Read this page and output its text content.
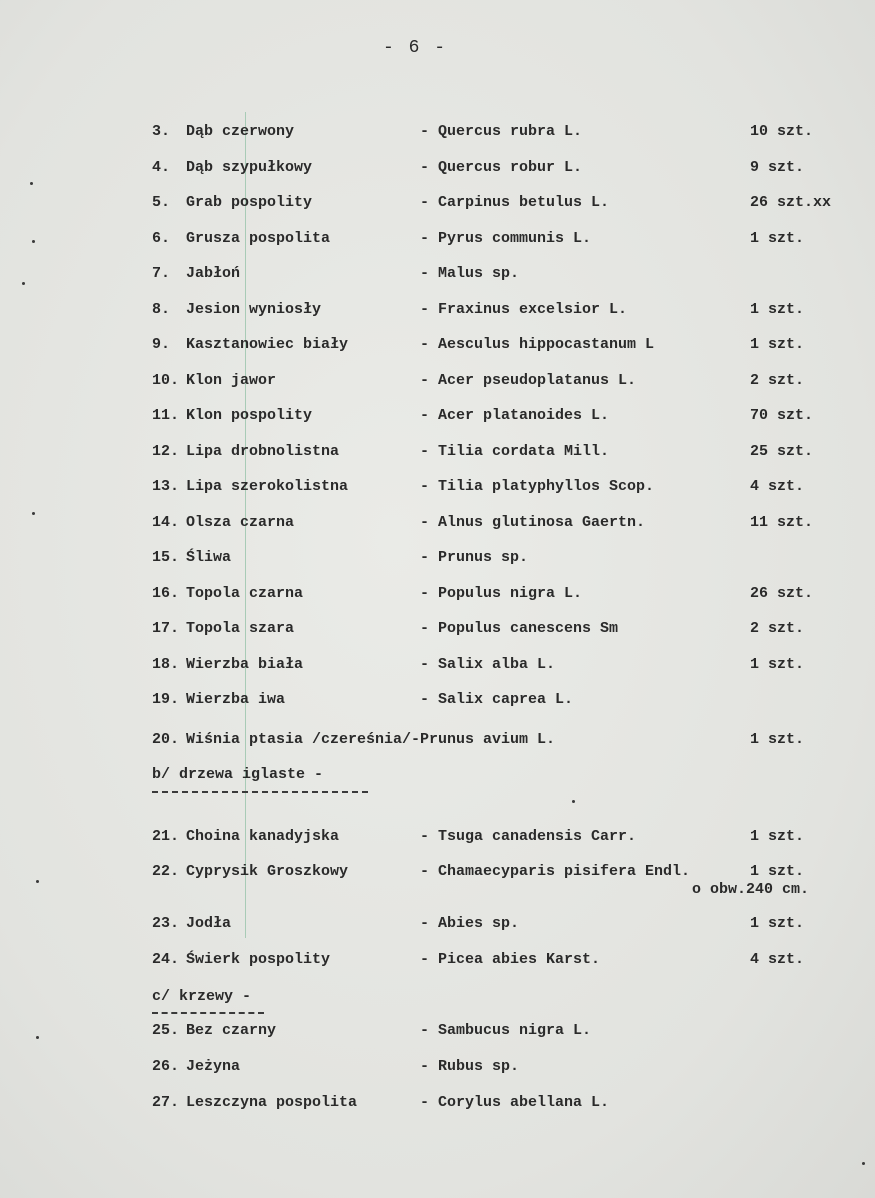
- 6 -
3. Dąb czerwony	- Quercus rubra L.	10 szt.
4. Dąb szypułkowy	- Quercus robur L.	9 szt.
5. Grab pospolity	- Carpinus betulus L.	26 szt.xx
6. Grusza pospolita	- Pyrus communis L.	1 szt.
7. Jabłoń	- Malus sp.
8. Jesion wyniosły	- Fraxinus excelsior L.	1 szt.
9. Kasztanowiec biały	- Aesculus hippocastanum L	1 szt.
10. Klon jawor	- Acer pseudoplatanus L.	2 szt.
11. Klon pospolity	- Acer platanoides L.	70 szt.
12. Lipa drobnolistna	- Tilia cordata Mill.	25 szt.
13. Lipa szerokolistna	- Tilia platyphyllos Scop.	4 szt.
14. Olsza czarna	- Alnus glutinosa Gaertn.	11 szt.
15. Śliwa	- Prunus sp.
16. Topola czarna	- Populus nigra L.	26 szt.
17. Topola szara	- Populus canescens Sm	2 szt.
18. Wierzba biała	- Salix alba L.	1 szt.
19. Wierzba iwa	- Salix caprea L.
20. Wiśnia ptasia /czereśnia/-Prunus avium L.	1 szt.
b/ drzewa iglaste -
21. Choina kanadyjska	- Tsuga canadensis Carr.	1 szt.
22. Cyprysik Groszkowy	- Chamaecyparis pisifera Endl.	1 szt.
o obw.240 cm.
23. Jodła	- Abies sp.	1 szt.
24. Świerk pospolity	- Picea abies Karst.	4 szt.
c/ krzewy -
25. Bez czarny	- Sambucus nigra L.
26. Jeżyna	- Rubus sp.
27. Leszczyna pospolita	- Corylus abellana L.
